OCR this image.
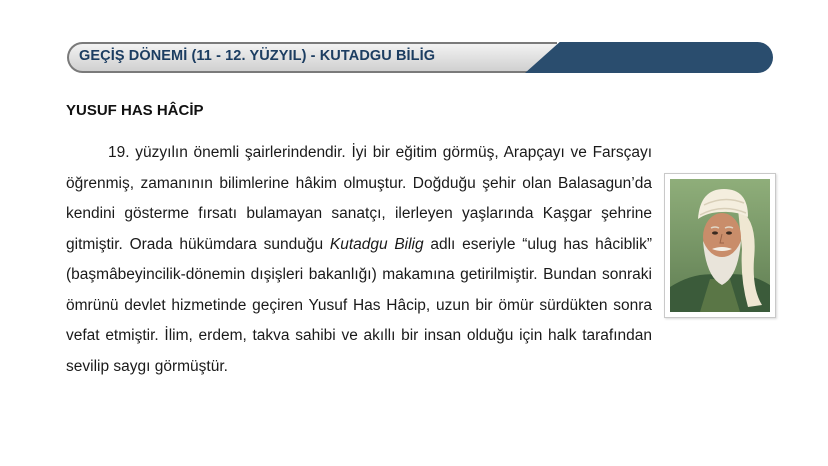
GEÇİŞ DÖNEMİ (11 - 12. YÜZYIL) - KUTADGU BİLİG
10. Sınıf Türk Dili ve Edebiyatı
YUSUF HAS HÂCİP
19. yüzyılın önemli şairlerindendir. İyi bir eğitim görmüş, Arapçayı ve Farsçayı öğrenmiş, zamanının bilimlerine hâkim olmuştur. Doğduğu şehir olan Balasagun’da kendini gösterme fırsatı bulamayan sanatçı, ilerleyen yaşlarında Kaşgar şehrine gitmiştir. Orada hükümdara sunduğu Kutadgu Bilig adlı eseriyle “ulug has hâciblik” (başmâbeyincilik-dönemin dışişleri bakanlığı) makamına getirilmiştir. Bundan sonraki ömrünü devlet hizmetinde geçiren Yusuf Has Hâcip, uzun bir ömür sürdükten sonra vefat etmiştir. İlim, erdem, takva sahibi ve akıllı bir insan olduğu için halk tarafından sevilip saygı görmüştür.
